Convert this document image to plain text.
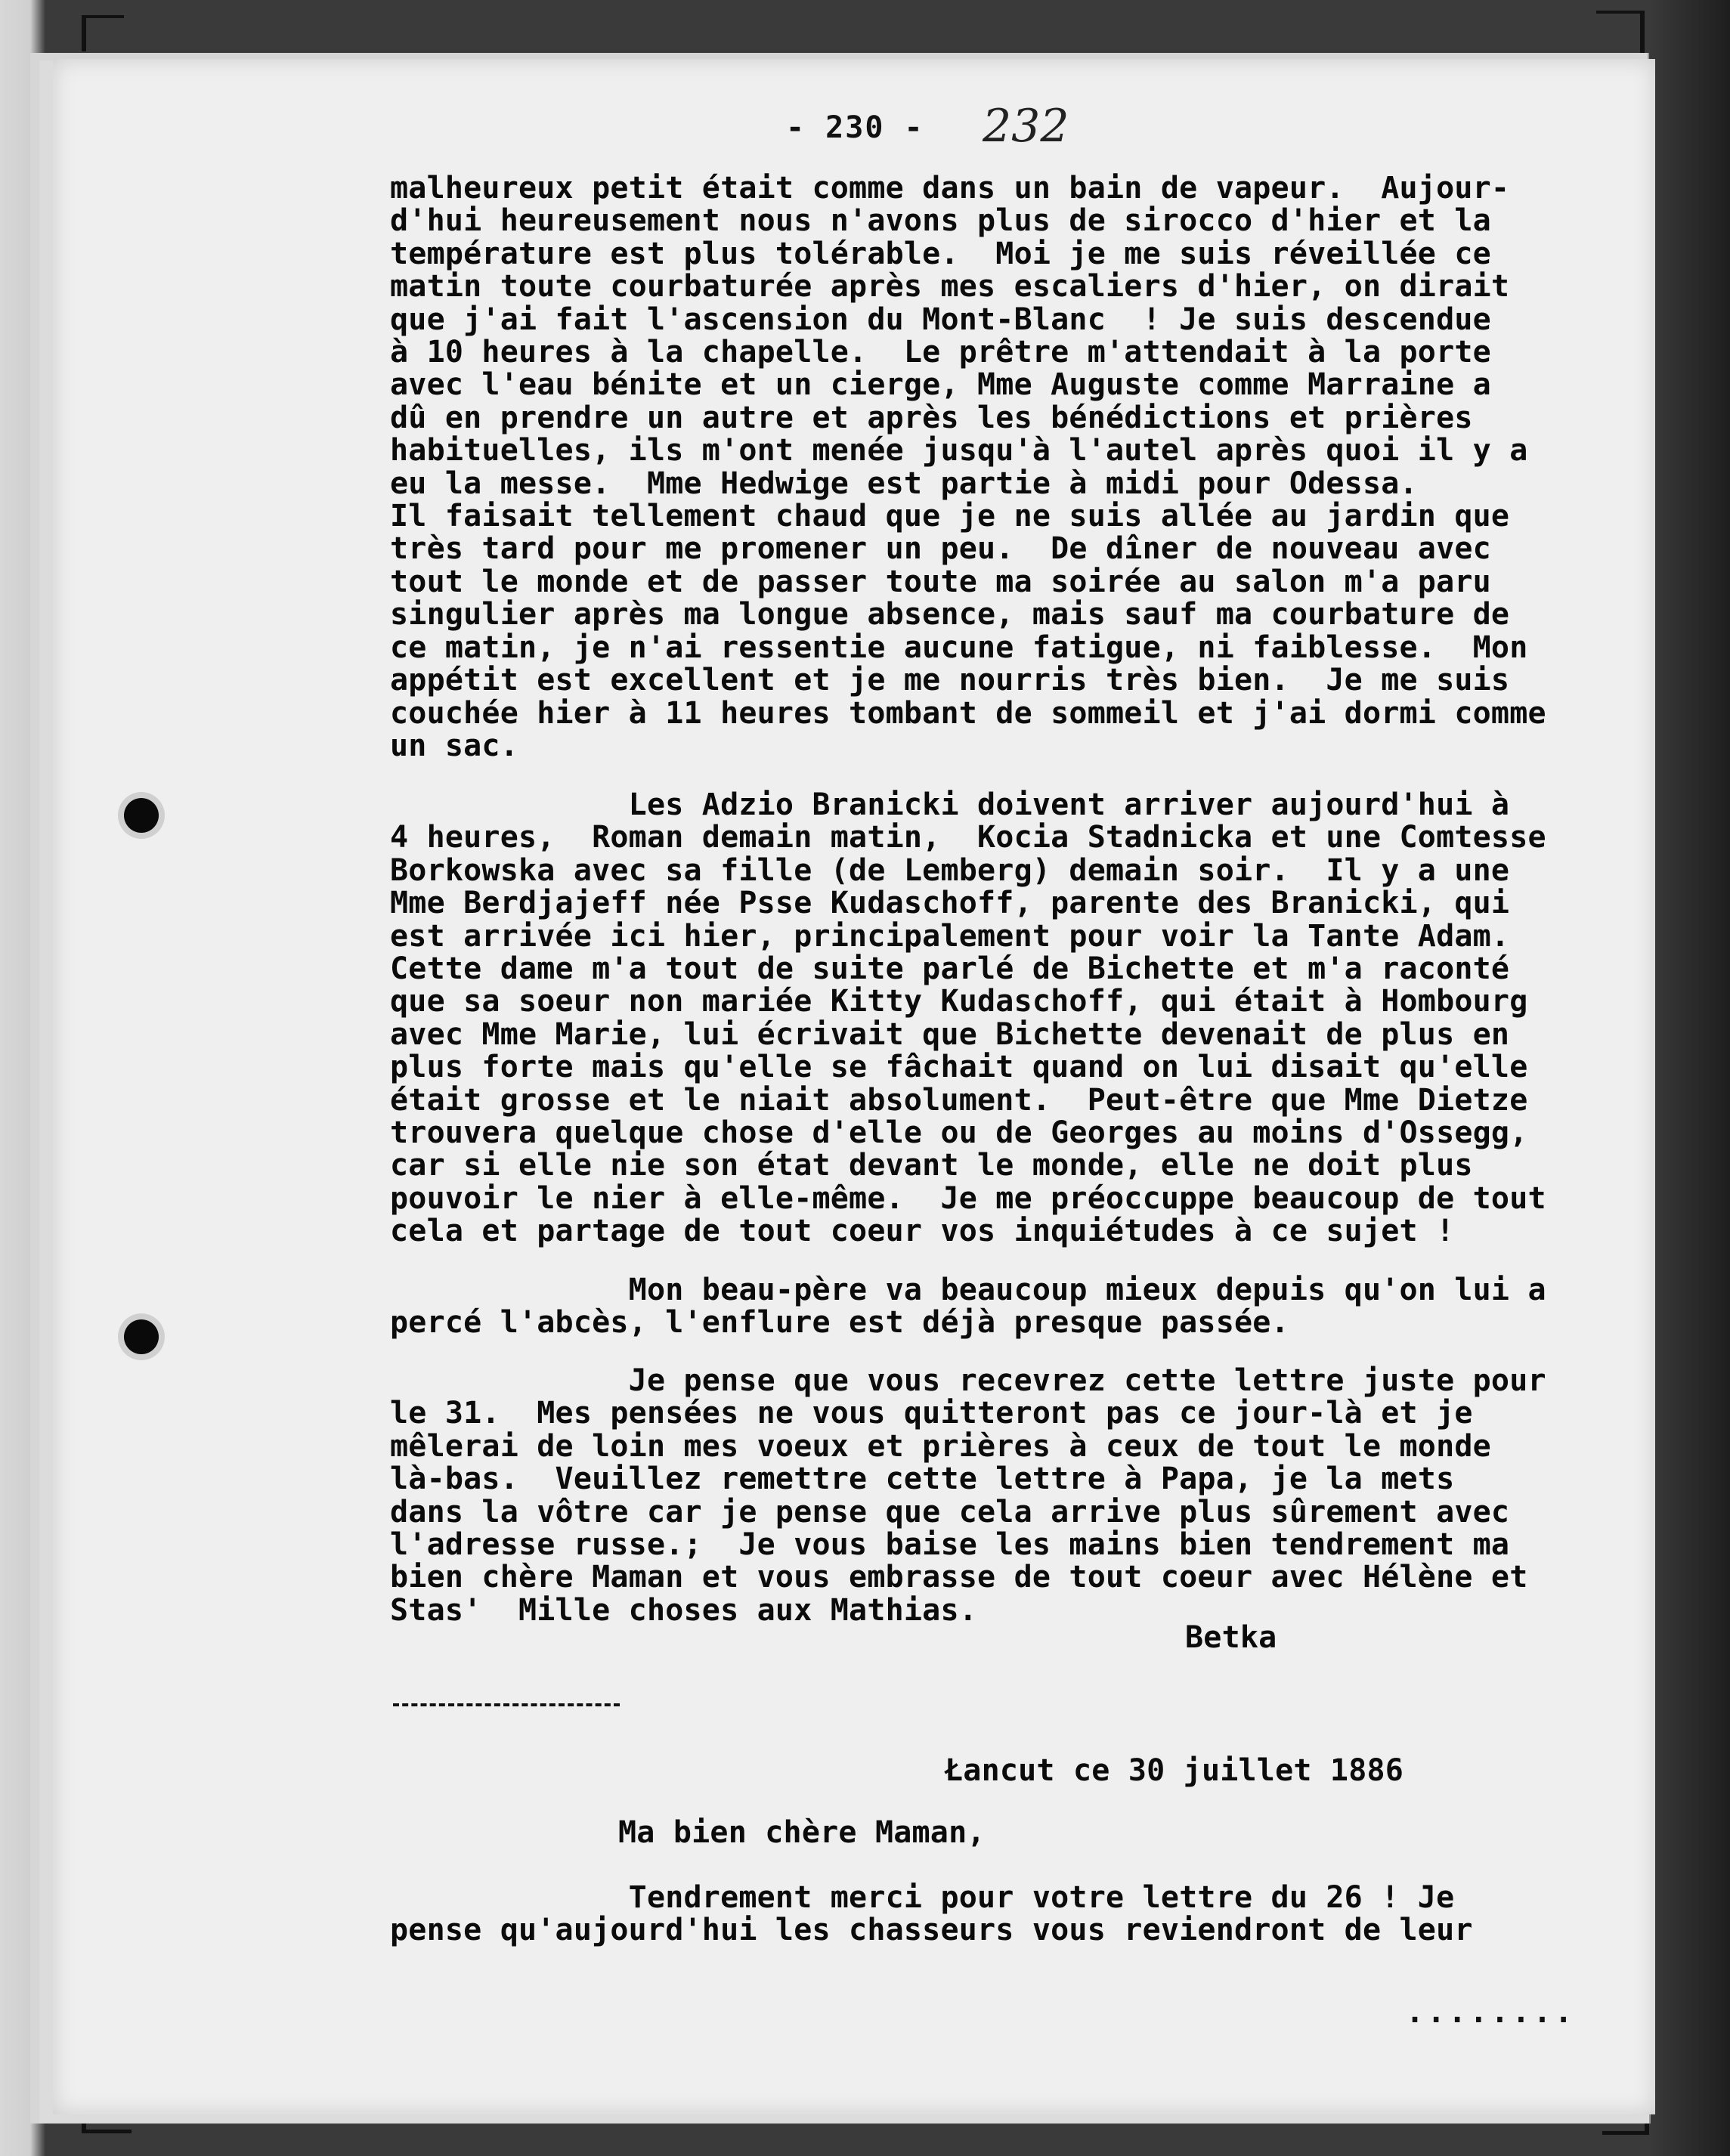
- 230 - 232
malheureux petit était comme dans un bain de vapeur.  Aujour-
d'hui heureusement nous n'avons plus de sirocco d'hier et la
température est plus tolérable.  Moi je me suis réveillée ce
matin toute courbaturée après mes escaliers d'hier, on dirait
que j'ai fait l'ascension du Mont-Blanc  ! Je suis descendue
à 10 heures à la chapelle.  Le prêtre m'attendait à la porte
avec l'eau bénite et un cierge, Mme Auguste comme Marraine a
dû en prendre un autre et après les bénédictions et prières
habituelles, ils m'ont menée jusqu'à l'autel après quoi il y a
eu la messe.  Mme Hedwige est partie à midi pour Odessa.
Il faisait tellement chaud que je ne suis allée au jardin que
très tard pour me promener un peu.  De dîner de nouveau avec
tout le monde et de passer toute ma soirée au salon m'a paru
singulier après ma longue absence, mais sauf ma courbature de
ce matin, je n'ai ressentie aucune fatigue, ni faiblesse.  Mon
appétit est excellent et je me nourris très bien.  Je me suis
couchée hier à 11 heures tombant de sommeil et j'ai dormi comme
un sac.
Les Adzio Branicki doivent arriver aujourd'hui à
4 heures,  Roman demain matin,  Kocia Stadnicka et une Comtesse
Borkowska avec sa fille (de Lemberg) demain soir.  Il y a une
Mme Berdjajeff née Psse Kudaschoff, parente des Branicki, qui
est arrivée ici hier, principalement pour voir la Tante Adam.
Cette dame m'a tout de suite parlé de Bichette et m'a raconté
que sa soeur non mariée Kitty Kudaschoff, qui était à Hombourg
avec Mme Marie, lui écrivait que Bichette devenait de plus en
plus forte mais qu'elle se fâchait quand on lui disait qu'elle
était grosse et le niait absolument.  Peut-être que Mme Dietze
trouvera quelque chose d'elle ou de Georges au moins d'Ossegg,
car si elle nie son état devant le monde, elle ne doit plus
pouvoir le nier à elle-même.  Je me préoccuppe beaucoup de tout
cela et partage de tout coeur vos inquiétudes à ce sujet !
Mon beau-père va beaucoup mieux depuis qu'on lui a
percé l'abcès, l'enflure est déjà presque passée.
Je pense que vous recevrez cette lettre juste pour
le 31.  Mes pensées ne vous quitteront pas ce jour-là et je
mêlerai de loin mes voeux et prières à ceux de tout le monde
là-bas.  Veuillez remettre cette lettre à Papa, je la mets
dans la vôtre car je pense que cela arrive plus sûrement avec
l'adresse russe.;  Je vous baise les mains bien tendrement ma
bien chère Maman et vous embrasse de tout coeur avec Hélène et
Stas'  Mille choses aux Mathias.
Betka
Łancut ce 30 juillet 1886
Ma bien chère Maman,
Tendrement merci pour votre lettre du 26 ! Je
pense qu'aujourd'hui les chasseurs vous reviendront de leur
........
